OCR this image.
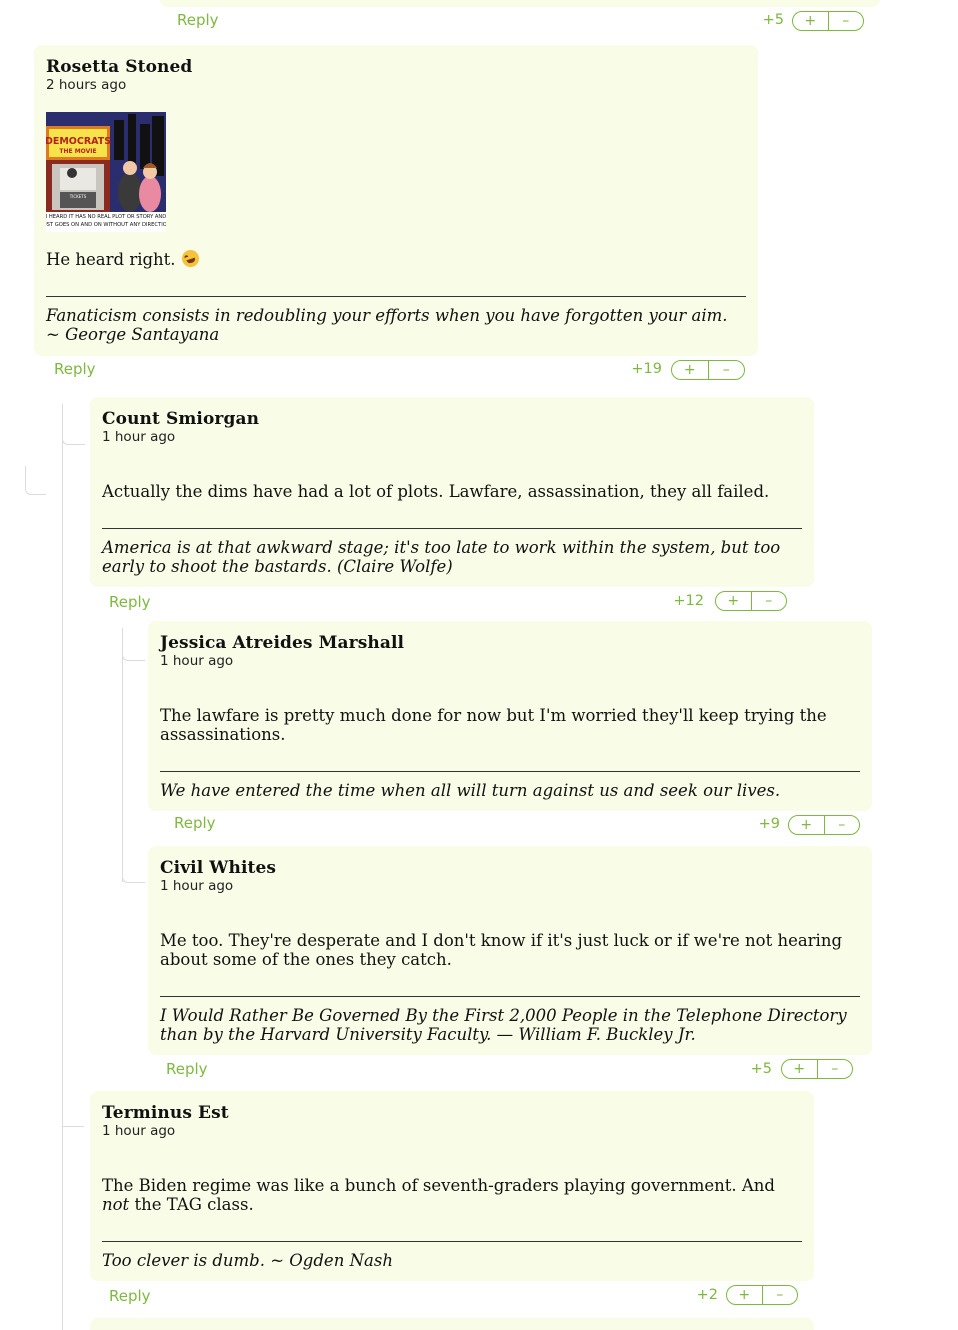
Reply	+5	+	–
Rosetta Stoned
2 hours ago
DEMOCRATS
THE MOVIE
TICKETS
I HEARD IT HAS NO REAL PLOT OR STORY AND
JUST GOES ON AND ON WITHOUT ANY DIRECTION
He heard right.
Fanaticism consists in redoubling your efforts when you have forgotten your aim. ~ George Santayana
Reply	+19	+	–
Count Smiorgan
1 hour ago
Actually the dims have had a lot of plots. Lawfare, assassination, they all failed.
America is at that awkward stage; it's too late to work within the system, but too early to shoot the bastards. (Claire Wolfe)
Reply	+12	+	–
Jessica Atreides Marshall
1 hour ago
The lawfare is pretty much done for now but I'm worried they'll keep trying the assassinations.
We have entered the time when all will turn against us and seek our lives.
Reply	+9	+	–
Civil Whites
1 hour ago
Me too. They're desperate and I don't know if it's just luck or if we're not hearing about some of the ones they catch.
I Would Rather Be Governed By the First 2,000 People in the Telephone Directory than by the Harvard University Faculty. — William F. Buckley Jr.
Reply	+5	+	–
Terminus Est
1 hour ago
The Biden regime was like a bunch of seventh-graders playing government. And not the TAG class.
Too clever is dumb. ~ Ogden Nash
Reply	+2	+	–
